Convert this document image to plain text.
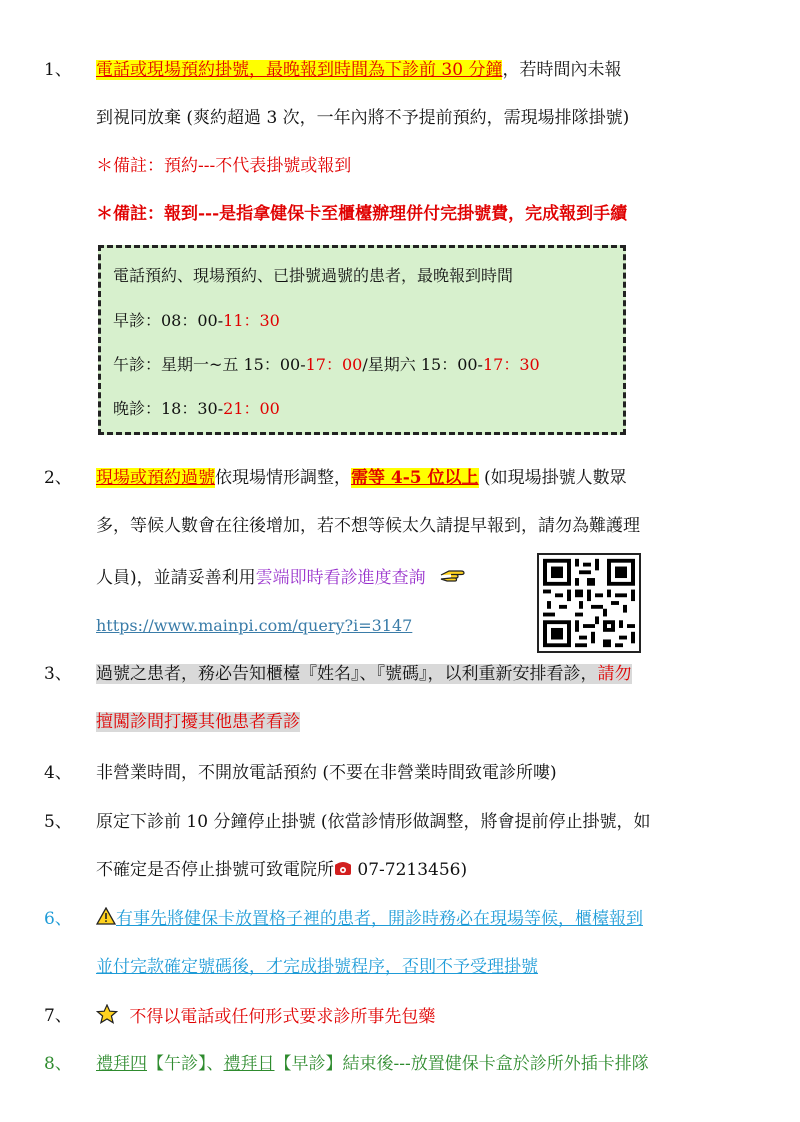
1、 電話或現場預約掛號，最晚報到時間為下診前 30 分鐘，若時間內未報
到視同放棄 (爽約超過 3 次，一年內將不予提前預約，需現場排隊掛號)
＊備註：預約---不代表掛號或報到
＊備註：報到---是指拿健保卡至櫃檯辦理併付完掛號費，完成報到手續
電話預約、現場預約、已掛號過號的患者，最晚報到時間
早診：08：00-11：30
午診：星期一~五 15：00-17：00/星期六 15：00-17：30
晚診：18：30-21：00
2、 現場或預約過號依現場情形調整，需等 4-5 位以上 (如現場掛號人數眾
多，等候人數會在往後增加，若不想等候太久請提早報到，請勿為難護理
人員)，並請妥善利用雲端即時看診進度查詢
https://www.mainpi.com/query?i=3147
3、 過號之患者，務必告知櫃檯『姓名』、『號碼』，以利重新安排看診，請勿
擅闖診間打擾其他患者看診
4、 非營業時間，不開放電話預約 (不要在非營業時間致電診所嘍)
5、 原定下診前 10 分鐘停止掛號 (依當診情形做調整，將會提前停止掛號，如
不確定是否停止掛號可致電院所 07-7213456)
6、	有事先將健保卡放置格子裡的患者，開診時務必在現場等候，櫃檯報到
並付完款確定號碼後，才完成掛號程序，否則不予受理掛號
7、	不得以電話或任何形式要求診所事先包藥
8、 禮拜四【午診】、禮拜日【早診】結束後---放置健保卡盒於診所外插卡排隊
